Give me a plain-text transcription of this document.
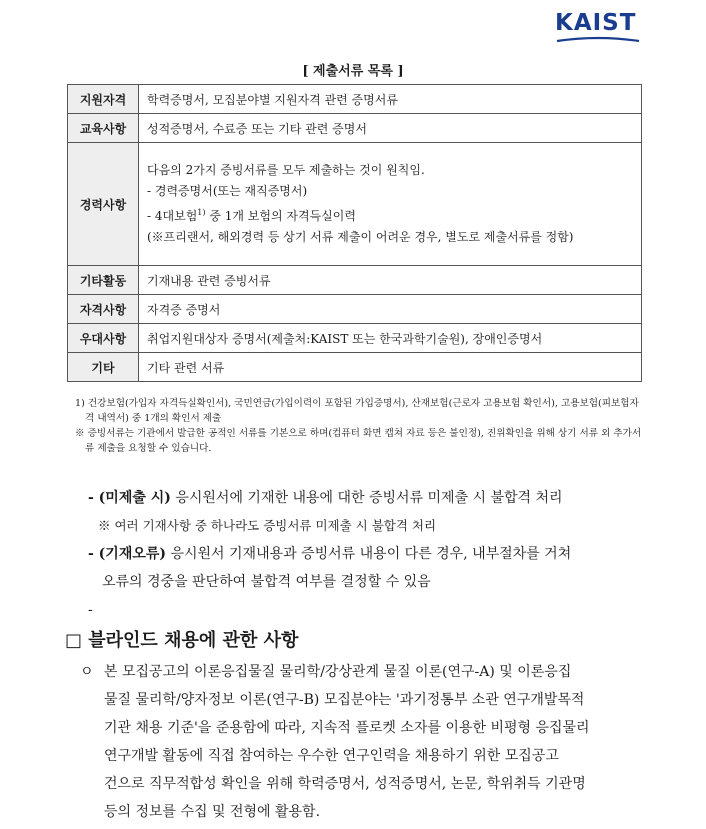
KAIST
[ 제출서류 목록 ]
지원자격	학력증명서, 모집분야별 지원자격 관련 증명서류
교육사항	성적증명서, 수료증 또는 기타 관련 증명서
경력사항	다음의 2가지 증빙서류를 모두 제출하는 것이 원칙임.
- 경력증명서(또는 재직증명서)
- 4대보험$^{1)}$ 중 1개 보험의 자격득실이력
(※프리랜서, 해외경력 등 상기 서류 제출이 어려운 경우, 별도로 제출서류를 정함)

기타활동	기재내용 관련 증빙서류
자격사항	자격증 증명서
우대사항	취업지원대상자 증명서(제출처:KAIST 또는 한국과학기술원), 장애인증명서
기타	기타 관련 서류
1) 건강보험(가입자 자격득실확인서), 국민연금(가입이력이 포함된 가입증명서), 산재보험(근로자 고용보험 확인서), 고용보험(피보험자격 내역서) 중 1개의 확인서 제출
※ 증빙서류는 기관에서 발급한 공적인 서류를 기본으로 하며(컴퓨터 화면 캡쳐 자료 등은 불인정), 진위확인을 위해 상기 서류 외 추가서류 제출을 요청할 수 있습니다.
- (미제출 시) 응시원서에 기재한 내용에 대한 증빙서류 미제출 시 불합격 처리
※ 여러 기재사항 중 하나라도 증빙서류 미제출 시 불합격 처리
- (기재오류) 응시원서 기재내용과 증빙서류 내용이 다른 경우, 내부절차를 거쳐
오류의 경중을 판단하여 불합격 여부를 결정할 수 있음
-
□ 블라인드 채용에 관한 사항
ㅇ 본 모집공고의 이론응집물질 물리학/강상관계 물질 이론(연구-A) 및 이론응집
물질 물리학/양자정보 이론(연구-B) 모집분야는 '과기정통부 소관 연구개발목적
기관 채용 기준'을 준용함에 따라, 지속적 플로켓 소자를 이용한 비평형 응집물리
연구개발 활동에 직접 참여하는 우수한 연구인력을 채용하기 위한 모집공고
건으로 직무적합성 확인을 위해 학력증명서, 성적증명서, 논문, 학위취득 기관명
등의 정보를 수집 및 전형에 활용함.
